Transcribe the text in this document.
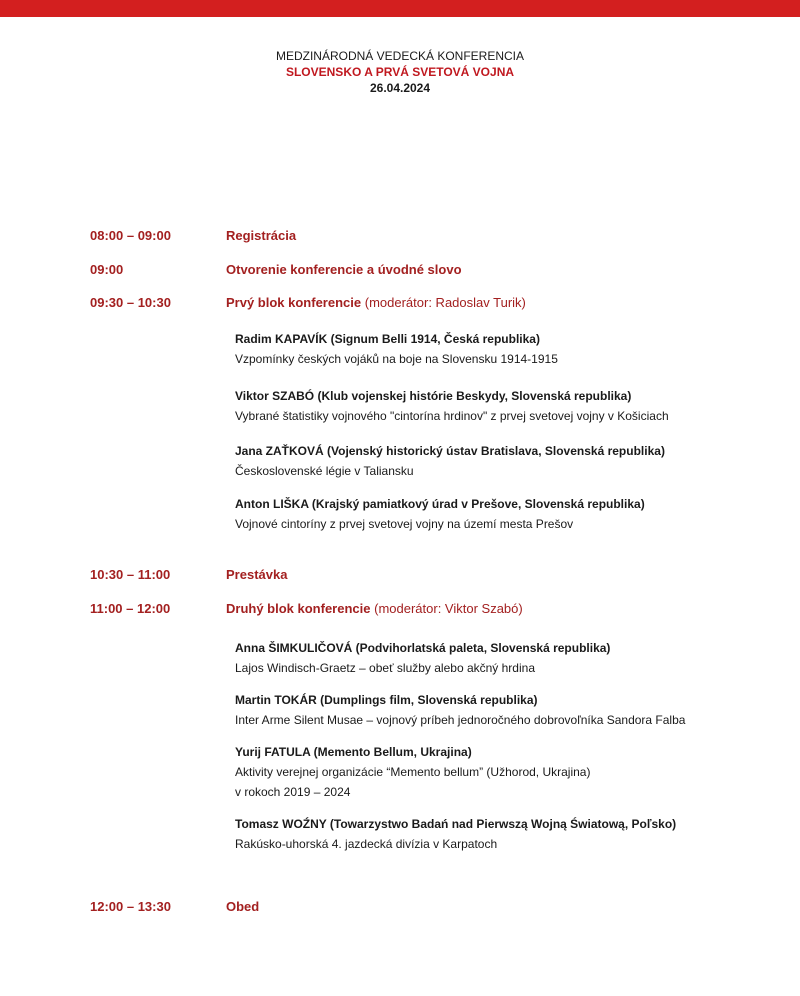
MEDZINÁRODNÁ VEDECKÁ KONFERENCIA
SLOVENSKO A PRVÁ SVETOVÁ VOJNA
26.04.2024
08:00 – 09:00	Registrácia
09:00	Otvorenie konferencie a úvodné slovo
09:30 – 10:30	Prvý blok konferencie (moderátor: Radoslav Turik)
Radim KAPAVÍK (Signum Belli 1914, Česká republika)
Vzpomínky českých vojáků na boje na Slovensku 1914-1915
Viktor SZABÓ (Klub vojenskej histórie Beskydy, Slovenská republika)
Vybrané štatistiky vojnového "cintorína hrdinov" z prvej svetovej vojny v Košiciach
Jana ZAŤKOVÁ (Vojenský historický ústav Bratislava, Slovenská republika)
Československé légie v Taliansku
Anton LIŠKA (Krajský pamiatkový úrad v Prešove, Slovenská republika)
Vojnové cintoríny z prvej svetovej vojny na území mesta Prešov
10:30 – 11:00	Prestávka
11:00 – 12:00	Druhý blok konferencie (moderátor: Viktor Szabó)
Anna ŠIMKULIČOVÁ (Podvihorlatská paleta, Slovenská republika)
Lajos Windisch-Graetz – obeť služby alebo akčný hrdina
Martin TOKÁR (Dumplings film, Slovenská republika)
Inter Arme Silent Musae – vojnový príbeh jednoročného dobrovoľníka Sandora Falba
Yurij FATULA (Memento Bellum, Ukrajina)
Aktivity verejnej organizácie “Memento bellum” (Užhorod, Ukrajina)
v rokoch 2019 – 2024
Tomasz WOŹNY (Towarzystwo Badań nad Pierwszą Wojną Światową, Poľsko)
Rakúsko-uhorská 4. jazdecká divízia v Karpatoch
12:00 – 13:30	Obed
